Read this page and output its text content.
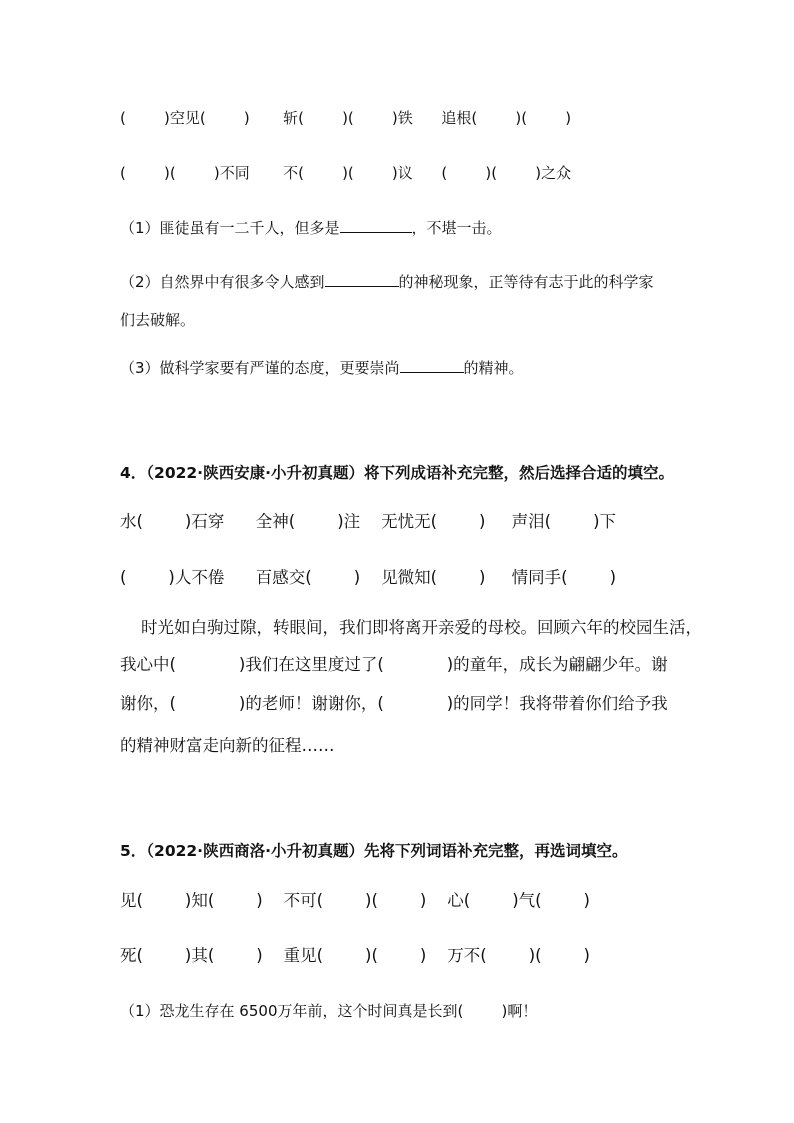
(        )空见(        )       斩(        )(        )铁      追根(        )(        )
(        )(        )不同       不(        )(        )议      (        )(        )之众
（1）匪徒虽有一二千人，但多是	，不堪一击。
（2）自然界中有很多令人感到	的神秘现象，正等待有志于此的科学家
们去破解。
（3）做科学家要有严谨的态度，更要崇尚	的精神。
4．（2022·陕西安康·小升初真题）将下列成语补充完整，然后选择合适的填空。
水(        )石穿      全神(        )注    无忧无(        )     声泪(        )下
(        )人不倦      百感交(        )    见微知(        )     情同手(        )
时光如白驹过隙，转眼间，我们即将离开亲爱的母校。回顾六年的校园生活，
我心中(            )我们在这里度过了(            )的童年，成长为翩翩少年。谢
谢你，(            )的老师！谢谢你，(            )的同学！我将带着你们给予我
的精神财富走向新的征程……
5．（2022·陕西商洛·小升初真题）先将下列词语补充完整，再选词填空。
见(        )知(        )    不可(        )(        )    心(        )气(        )
死(        )其(        )    重见(        )(        )    万不(        )(        )
（1）恐龙生存在 6500万年前，这个时间真是长到(        )啊！
